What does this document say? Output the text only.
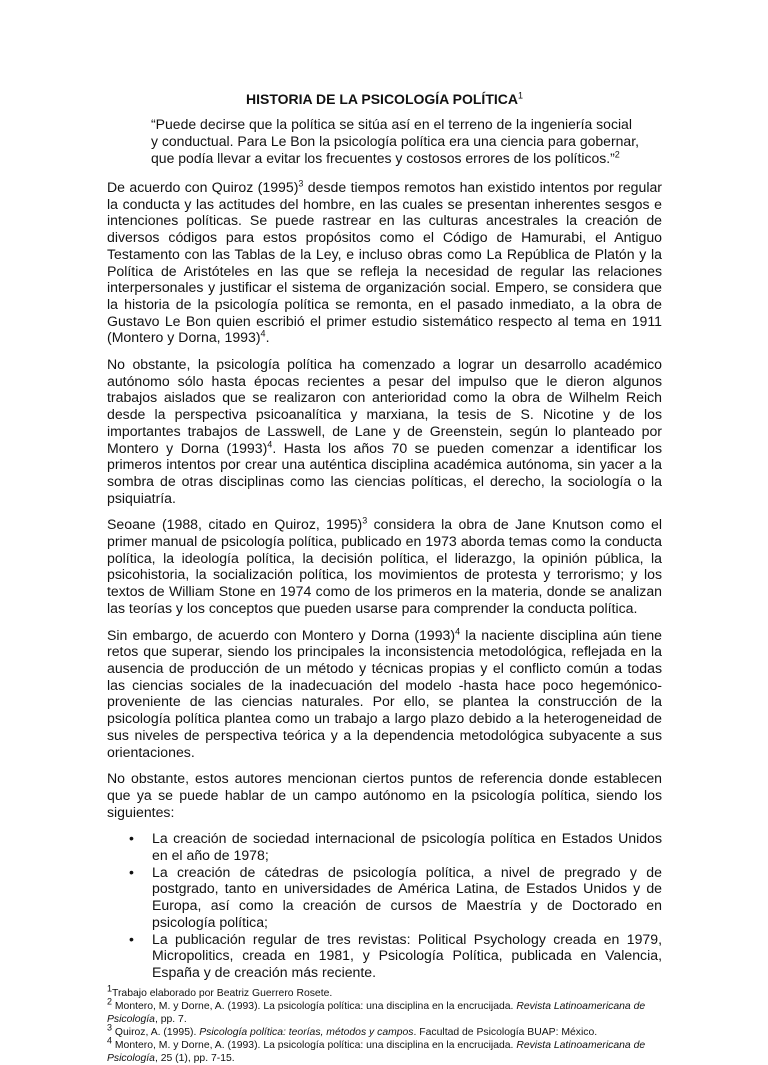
HISTORIA DE LA PSICOLOGÍA POLÍTICA$^1$
“Puede decirse que la política se sitúa así en el terreno de la ingeniería social
y conductual. Para Le Bon la psicología política era una ciencia para gobernar,
que podía llevar a evitar los frecuentes y costosos errores de los políticos.”$^2$

De acuerdo con Quiroz $(1995)^3$ desde tiempos remotos han existido intentos por regular la conducta y las actitudes del hombre, en las cuales se presentan inherentes sesgos e intenciones políticas. Se puede rastrear en las culturas ancestrales la creación de diversos códigos para estos propósitos como el Código de Hamurabi, el Antiguo Testamento con las Tablas de la Ley, e incluso obras como La República de Platón y la Política de Aristóteles en las que se refleja la necesidad de regular las relaciones interpersonales y justificar el sistema de organización social. Empero, se considera que la historia de la psicología política se remonta, en el pasado inmediato, a la obra de Gustavo Le Bon quien escribió el primer estudio sistemático respecto al tema en 1911 (Montero y Dorna, 1993)$^4$.

No obstante, la psicología política ha comenzado a lograr un desarrollo académico autónomo sólo hasta épocas recientes a pesar del impulso que le dieron algunos trabajos aislados que se realizaron con anterioridad como la obra de Wilhelm Reich desde la perspectiva psicoanalítica y marxiana, la tesis de S. Nicotine y de los importantes trabajos de Lasswell, de Lane y de Greenstein, según lo planteado por Montero y Dorna $(1993)^4$. Hasta los años 70 se pueden comenzar a identificar los primeros intentos por crear una auténtica disciplina académica autónoma, sin yacer a la sombra de otras disciplinas como las ciencias políticas, el derecho, la sociología o la psiquiatría.

Seoane (1988, citado en Quiroz, 1995)$^3$ considera la obra de Jane Knutson como el primer manual de psicología política, publicado en 1973 aborda temas como la conducta política, la ideología política, la decisión política, el liderazgo, la opinión pública, la psicohistoria, la socialización política, los movimientos de protesta y terrorismo; y los textos de William Stone en 1974 como de los primeros en la materia, donde se analizan las teorías y los conceptos que pueden usarse para comprender la conducta política.

Sin embargo, de acuerdo con Montero y Dorna $(1993)^4$ la naciente disciplina aún tiene retos que superar, siendo los principales la inconsistencia metodológica, reflejada en la ausencia de producción de un método y técnicas propias y el conflicto común a todas las ciencias sociales de la inadecuación del modelo -hasta hace poco hegemónico- proveniente de las ciencias naturales. Por ello, se plantea la construcción de la psicología política plantea como un trabajo a largo plazo debido a la heterogeneidad de sus niveles de perspectiva teórica y a la dependencia metodológica subyacente a sus orientaciones.

No obstante, estos autores mencionan ciertos puntos de referencia donde establecen que ya se puede hablar de un campo autónomo en la psicología política, siendo los siguientes:

• La creación de sociedad internacional de psicología política en Estados Unidos en el año de 1978;
• La creación de cátedras de psicología política, a nivel de pregrado y de postgrado, tanto en universidades de América Latina, de Estados Unidos y de Europa, así como la creación de cursos de Maestría y de Doctorado en psicología política;
• La publicación regular de tres revistas: Political Psychology creada en 1979, Micropolitics, creada en 1981, y Psicología Política, publicada en Valencia, España y de creación más reciente.
$^1$Trabajo elaborado por Beatriz Guerrero Rosete.
$^2$ Montero, M. y Dorne, A. (1993). La psicología política: una disciplina en la encrucijada. Revista Latinoamericana de Psicología, pp. 7.
$^3$ Quiroz, A. (1995). Psicología política: teorías, métodos y campos. Facultad de Psicología BUAP: México.
$^4$ Montero, M. y Dorne, A. (1993). La psicología política: una disciplina en la encrucijada. Revista Latinoamericana de Psicología, 25 (1), pp. 7-15.
